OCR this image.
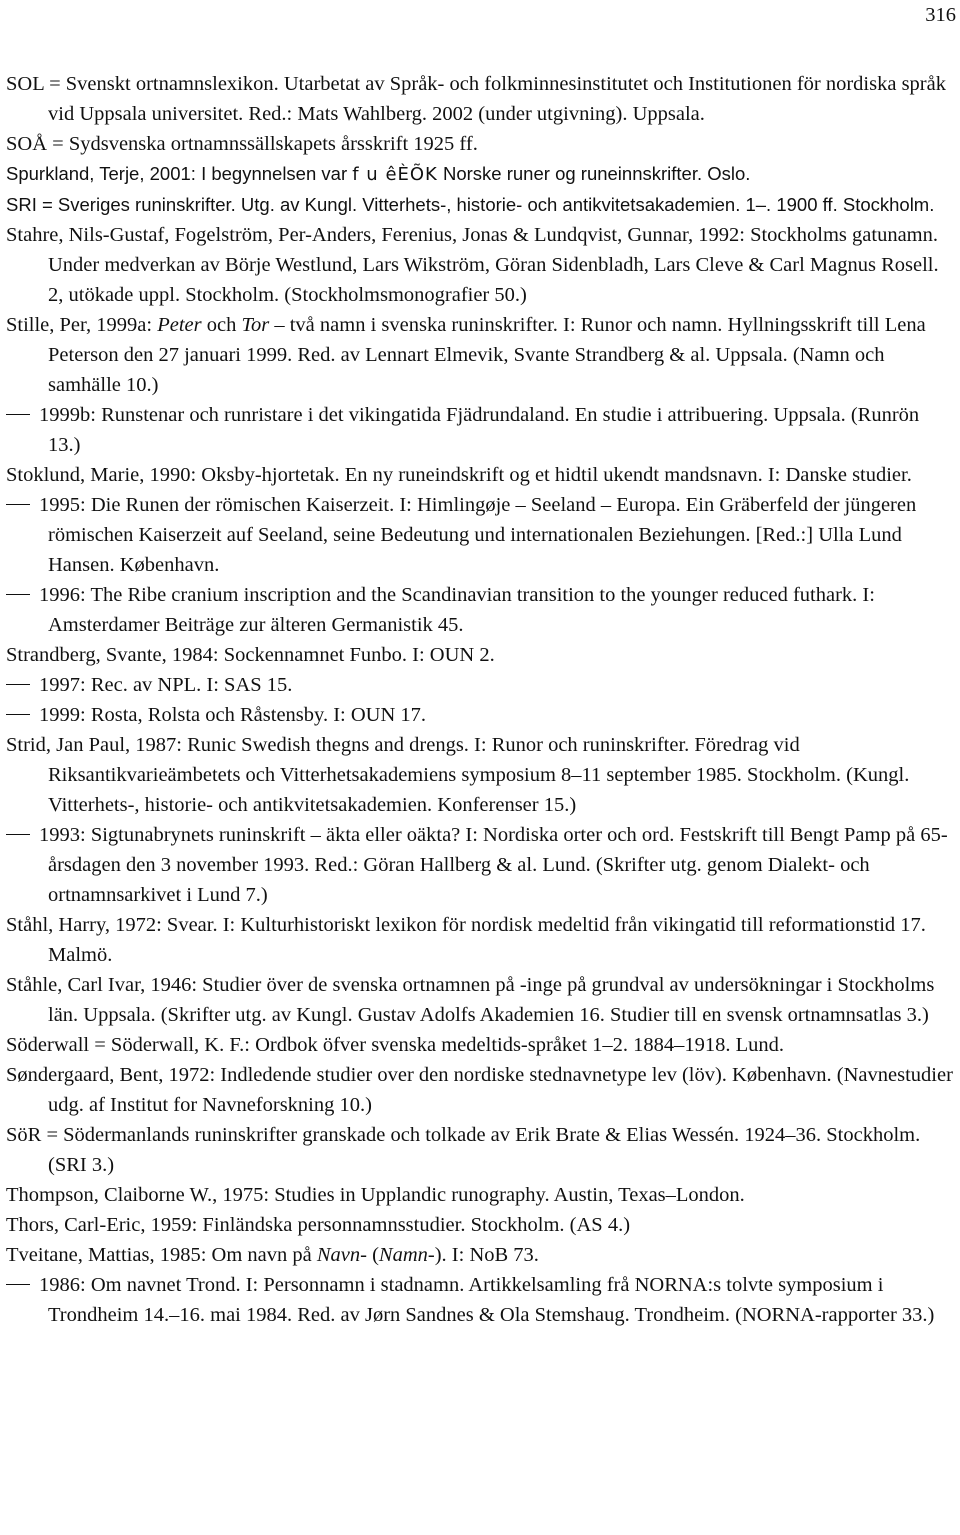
316

SOL = Svenskt ortnamnslexikon. Utarbetat av Språk- och folkminnesinstitutet och Institutionen för nordiska språk vid Uppsala universitet. Red.: Mats Wahlberg. 2002 (under utgivning). Uppsala.

SOÅ = Sydsvenska ortnamnssällskapets årsskrift 1925 ff.

Spurkland, Terje, 2001: I begynnelsen var f u êÈÕK Norske runer og runeinnskrifter. Oslo.

SRI = Sveriges runinskrifter. Utg. av Kungl. Vitterhets-, historie- och antikvitetsakademien. 1–. 1900 ff. Stockholm.

Stahre, Nils-Gustaf, Fogelström, Per-Anders, Ferenius, Jonas & Lundqvist, Gunnar, 1992: Stockholms gatunamn. Under medverkan av Börje Westlund, Lars Wikström, Göran Sidenbladh, Lars Cleve & Carl Magnus Rosell. 2, utökade uppl. Stockholm. (Stockholmsmonografier 50.)

Stille, Per, 1999a: Peter och Tor – två namn i svenska runinskrifter. I: Runor och namn. Hyllningsskrift till Lena Peterson den 27 januari 1999. Red. av Lennart Elmevik, Svante Strandberg & al. Uppsala. (Namn och samhälle 10.)

1999b: Runstenar och runristare i det vikingatida Fjädrundaland. En studie i attribuering. Uppsala. (Runrön 13.)

Stoklund, Marie, 1990: Oksby-hjortetak. En ny runeindskrift og et hidtil ukendt mandsnavn. I: Danske studier.

1995: Die Runen der römischen Kaiserzeit. I: Himlingøje – Seeland – Europa. Ein Gräberfeld der jüngeren römischen Kaiserzeit auf Seeland, seine Bedeutung und internationalen Beziehungen. [Red.:] Ulla Lund Hansen. København.

1996: The Ribe cranium inscription and the Scandinavian transition to the younger reduced futhark. I: Amsterdamer Beiträge zur älteren Germanistik 45.

Strandberg, Svante, 1984: Sockennamnet Funbo. I: OUN 2.

1997: Rec. av NPL. I: SAS 15.

1999: Rosta, Rolsta och Råstensby. I: OUN 17.

Strid, Jan Paul, 1987: Runic Swedish thegns and drengs. I: Runor och runinskrifter. Föredrag vid Riksantikvarieämbetets och Vitterhetsakademiens symposium 8–11 september 1985. Stockholm. (Kungl. Vitterhets-, historie- och antikvitetsakademien. Konferenser 15.)

1993: Sigtunabrynets runinskrift – äkta eller oäkta? I: Nordiska orter och ord. Festskrift till Bengt Pamp på 65-årsdagen den 3 november 1993. Red.: Göran Hallberg & al. Lund. (Skrifter utg. genom Dialekt- och ortnamnsarkivet i Lund 7.)

Ståhl, Harry, 1972: Svear. I: Kulturhistoriskt lexikon för nordisk medeltid från vikingatid till reformationstid 17. Malmö.

Ståhle, Carl Ivar, 1946: Studier över de svenska ortnamnen på -inge på grundval av undersökningar i Stockholms län. Uppsala. (Skrifter utg. av Kungl. Gustav Adolfs Akademien 16. Studier till en svensk ortnamnsatlas 3.)

Söderwall = Söderwall, K. F.: Ordbok öfver svenska medeltids-språket 1–2. 1884–1918. Lund.

Søndergaard, Bent, 1972: Indledende studier over den nordiske stednavnetype lev (löv). København. (Navnestudier udg. af Institut for Navneforskning 10.)

SöR = Södermanlands runinskrifter granskade och tolkade av Erik Brate & Elias Wessén. 1924–36. Stockholm. (SRI 3.)

Thompson, Claiborne W., 1975: Studies in Upplandic runography. Austin, Texas–London.

Thors, Carl-Eric, 1959: Finländska personnamnsstudier. Stockholm. (AS 4.)

Tveitane, Mattias, 1985: Om navn på Navn- (Namn-). I: NoB 73.

1986: Om navnet Trond. I: Personnamn i stadnamn. Artikkelsamling frå NORNA:s tolvte symposium i Trondheim 14.–16. mai 1984. Red. av Jørn Sandnes & Ola Stemshaug. Trondheim. (NORNA-rapporter 33.)
